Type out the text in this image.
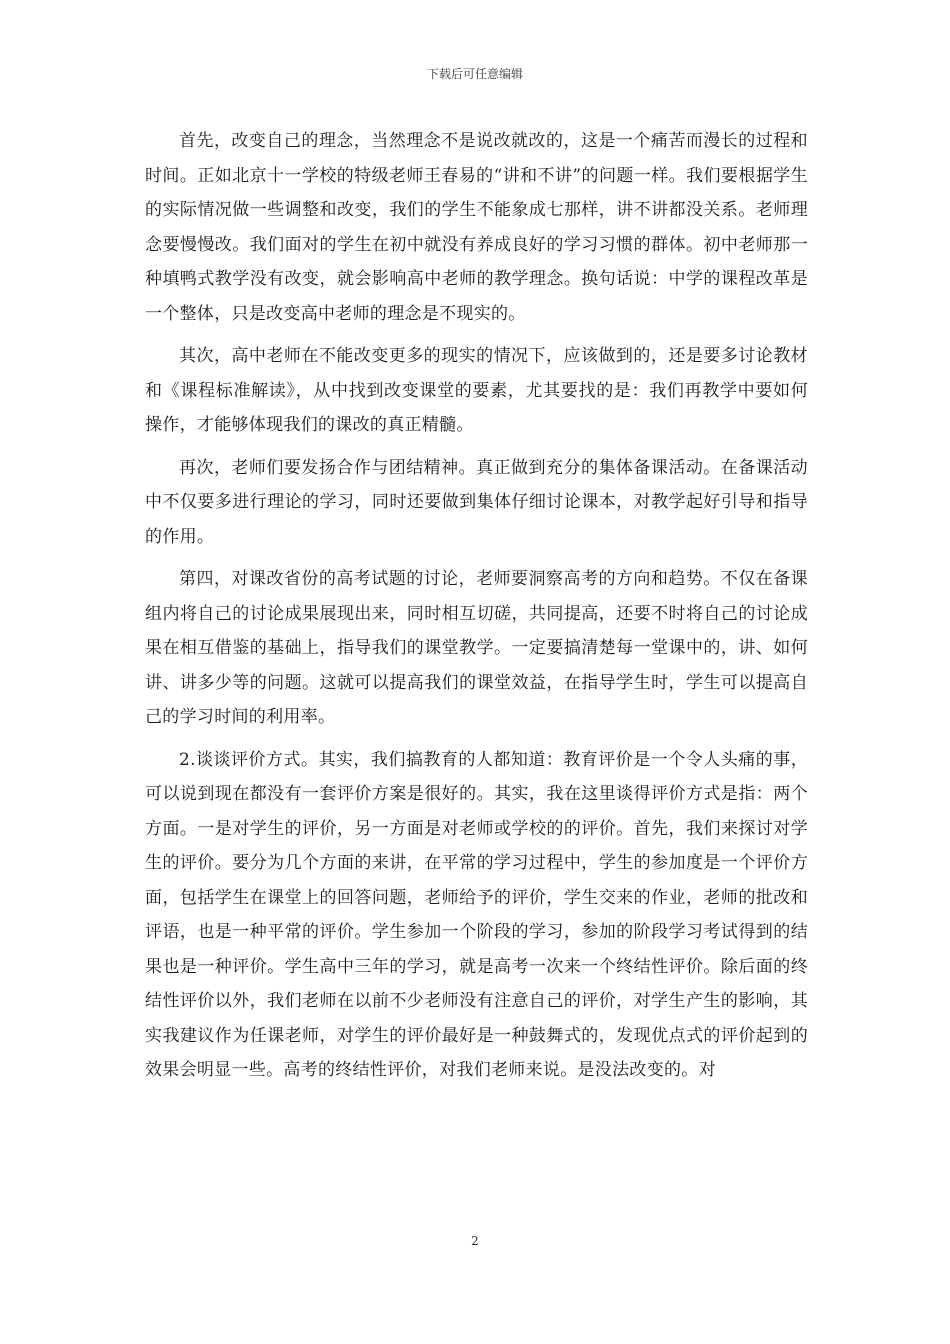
下载后可任意编辑

首先，改变自己的理念，当然理念不是说改就改的，这是一个痛苦而漫长的过程和时间。正如北京十一学校的特级老师王春易的“讲和不讲”的问题一样。我们要根据学生的实际情况做一些调整和改变，我们的学生不能象成七那样，讲不讲都没关系。老师理念要慢慢改。我们面对的学生在初中就没有养成良好的学习习惯的群体。初中老师那一种填鸭式教学没有改变，就会影响高中老师的教学理念。换句话说：中学的课程改革是一个整体，只是改变高中老师的理念是不现实的。

其次，高中老师在不能改变更多的现实的情况下，应该做到的，还是要多讨论教材和《课程标准解读》，从中找到改变课堂的要素，尤其要找的是：我们再教学中要如何操作，才能够体现我们的课改的真正精髓。

再次，老师们要发扬合作与团结精神。真正做到充分的集体备课活动。在备课活动中不仅要多进行理论的学习，同时还要做到集体仔细讨论课本，对教学起好引导和指导的作用。

第四，对课改省份的高考试题的讨论，老师要洞察高考的方向和趋势。不仅在备课组内将自己的讨论成果展现出来，同时相互切磋，共同提高，还要不时将自己的讨论成果在相互借鉴的基础上，指导我们的课堂教学。一定要搞清楚每一堂课中的，讲、如何讲、讲多少等的问题。这就可以提高我们的课堂效益，在指导学生时，学生可以提高自己的学习时间的利用率。

2.谈谈评价方式。其实，我们搞教育的人都知道：教育评价是一个令人头痛的事，可以说到现在都没有一套评价方案是很好的。其实，我在这里谈得评价方式是指：两个方面。一是对学生的评价，另一方面是对老师或学校的的评价。首先，我们来探讨对学生的评价。要分为几个方面的来讲，在平常的学习过程中，学生的参加度是一个评价方面，包括学生在课堂上的回答问题，老师给予的评价，学生交来的作业，老师的批改和评语，也是一种平常的评价。学生参加一个阶段的学习，参加的阶段学习考试得到的结果也是一种评价。学生高中三年的学习，就是高考一次来一个终结性评价。除后面的终结性评价以外，我们老师在以前不少老师没有注意自己的评价，对学生产生的影响，其实我建议作为任课老师，对学生的评价最好是一种鼓舞式的，发现优点式的评价起到的效果会明显一些。高考的终结性评价，对我们老师来说。是没法改变的。对

2
